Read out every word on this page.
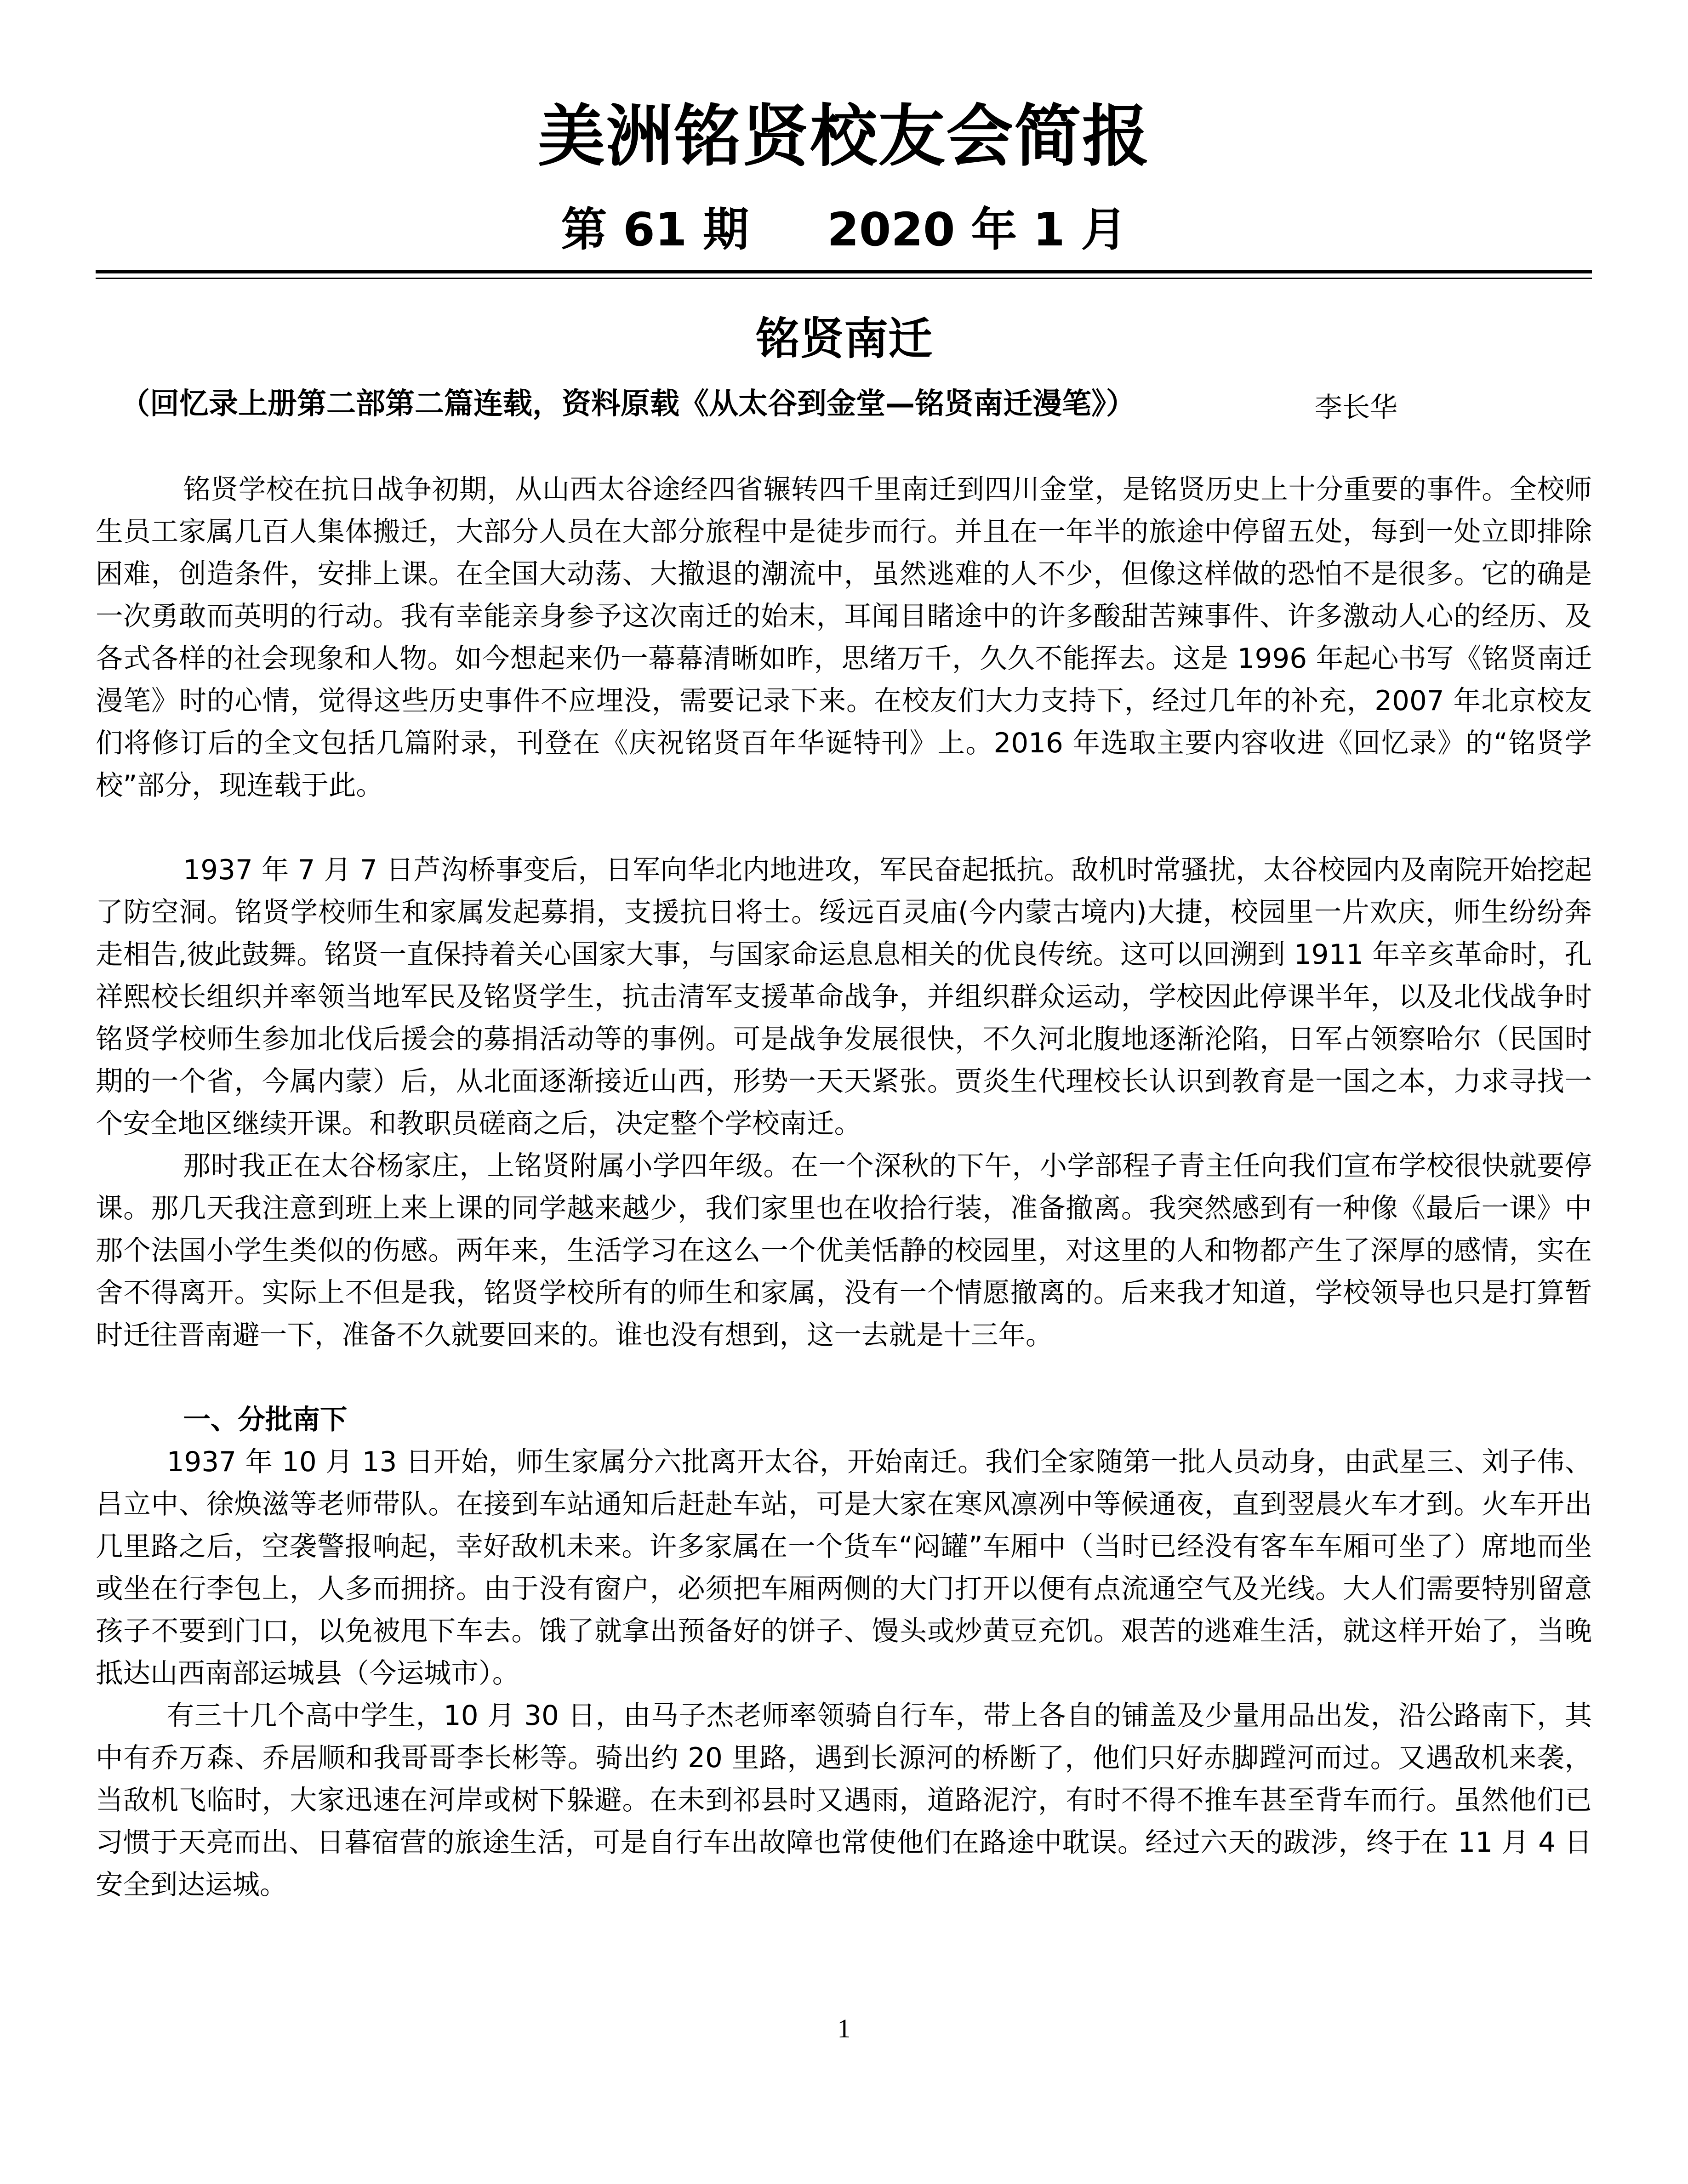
美洲铭贤校友会简报
第 61 期 2020 年 1 月
铭贤南迁
（回忆录上册第二部第二篇连载，资料原载《从太谷到金堂—铭贤南迁漫笔》）	李长华

铭贤学校在抗日战争初期，从山西太谷途经四省辗转四千里南迁到四川金堂，是铭贤历史上十分重要的事件。全校师生员工家属几百人集体搬迁，大部分人员在大部分旅程中是徒步而行。并且在一年半的旅途中停留五处，每到一处立即排除困难，创造条件，安排上课。在全国大动荡、大撤退的潮流中，虽然逃难的人不少，但像这样做的恐怕不是很多。它的确是一次勇敢而英明的行动。我有幸能亲身参予这次南迁的始末，耳闻目睹途中的许多酸甜苦辣事件、许多激动人心的经历、及各式各样的社会现象和人物。如今想起来仍一幕幕清晰如昨，思绪万千，久久不能挥去。这是 1996 年起心书写《铭贤南迁漫笔》时的心情，觉得这些历史事件不应埋没，需要记录下来。在校友们大力支持下，经过几年的补充，2007 年北京校友们将修订后的全文包括几篇附录，刊登在《庆祝铭贤百年华诞特刊》上。2016 年选取主要内容收进《回忆录》的“铭贤学校”部分，现连载于此。

1937 年 7 月 7 日芦沟桥事变后，日军向华北内地进攻，军民奋起抵抗。敌机时常骚扰，太谷校园内及南院开始挖起了防空洞。铭贤学校师生和家属发起募捐，支援抗日将士。绥远百灵庙(今内蒙古境内)大捷，校园里一片欢庆，师生纷纷奔走相告,彼此鼓舞。铭贤一直保持着关心国家大事，与国家命运息息相关的优良传统。这可以回溯到 1911 年辛亥革命时，孔祥熙校长组织并率领当地军民及铭贤学生，抗击清军支援革命战争，并组织群众运动，学校因此停课半年，以及北伐战争时铭贤学校师生参加北伐后援会的募捐活动等的事例。可是战争发展很快，不久河北腹地逐渐沦陷，日军占领察哈尔（民国时期的一个省，今属内蒙）后，从北面逐渐接近山西，形势一天天紧张。贾炎生代理校长认识到教育是一国之本，力求寻找一个安全地区继续开课。和教职员磋商之后，决定整个学校南迁。

那时我正在太谷杨家庄，上铭贤附属小学四年级。在一个深秋的下午，小学部程子青主任向我们宣布学校很快就要停课。那几天我注意到班上来上课的同学越来越少，我们家里也在收拾行装，准备撤离。我突然感到有一种像《最后一课》中那个法国小学生类似的伤感。两年来，生活学习在这么一个优美恬静的校园里，对这里的人和物都产生了深厚的感情，实在舍不得离开。实际上不但是我，铭贤学校所有的师生和家属，没有一个情愿撤离的。后来我才知道，学校领导也只是打算暂时迁往晋南避一下，准备不久就要回来的。谁也没有想到，这一去就是十三年。

一、分批南下

1937 年 10 月 13 日开始，师生家属分六批离开太谷，开始南迁。我们全家随第一批人员动身，由武星三、刘子伟、吕立中、徐焕滋等老师带队。在接到车站通知后赶赴车站，可是大家在寒风凛冽中等候通夜，直到翌晨火车才到。火车开出几里路之后，空袭警报响起，幸好敌机未来。许多家属在一个货车“闷罐”车厢中（当时已经没有客车车厢可坐了）席地而坐或坐在行李包上，人多而拥挤。由于没有窗户，必须把车厢两侧的大门打开以便有点流通空气及光线。大人们需要特别留意孩子不要到门口，以免被甩下车去。饿了就拿出预备好的饼子、馒头或炒黄豆充饥。艰苦的逃难生活，就这样开始了，当晚抵达山西南部运城县（今运城市）。

有三十几个高中学生，10 月 30 日，由马子杰老师率领骑自行车，带上各自的铺盖及少量用品出发，沿公路南下，其中有乔万森、乔居顺和我哥哥李长彬等。骑出约 20 里路，遇到长源河的桥断了，他们只好赤脚蹚河而过。又遇敌机来袭，当敌机飞临时，大家迅速在河岸或树下躲避。在未到祁县时又遇雨，道路泥泞，有时不得不推车甚至背车而行。虽然他们已习惯于天亮而出、日暮宿营的旅途生活，可是自行车出故障也常使他们在路途中耽误。经过六天的跋涉，终于在 11 月 4 日安全到达运城。

1
